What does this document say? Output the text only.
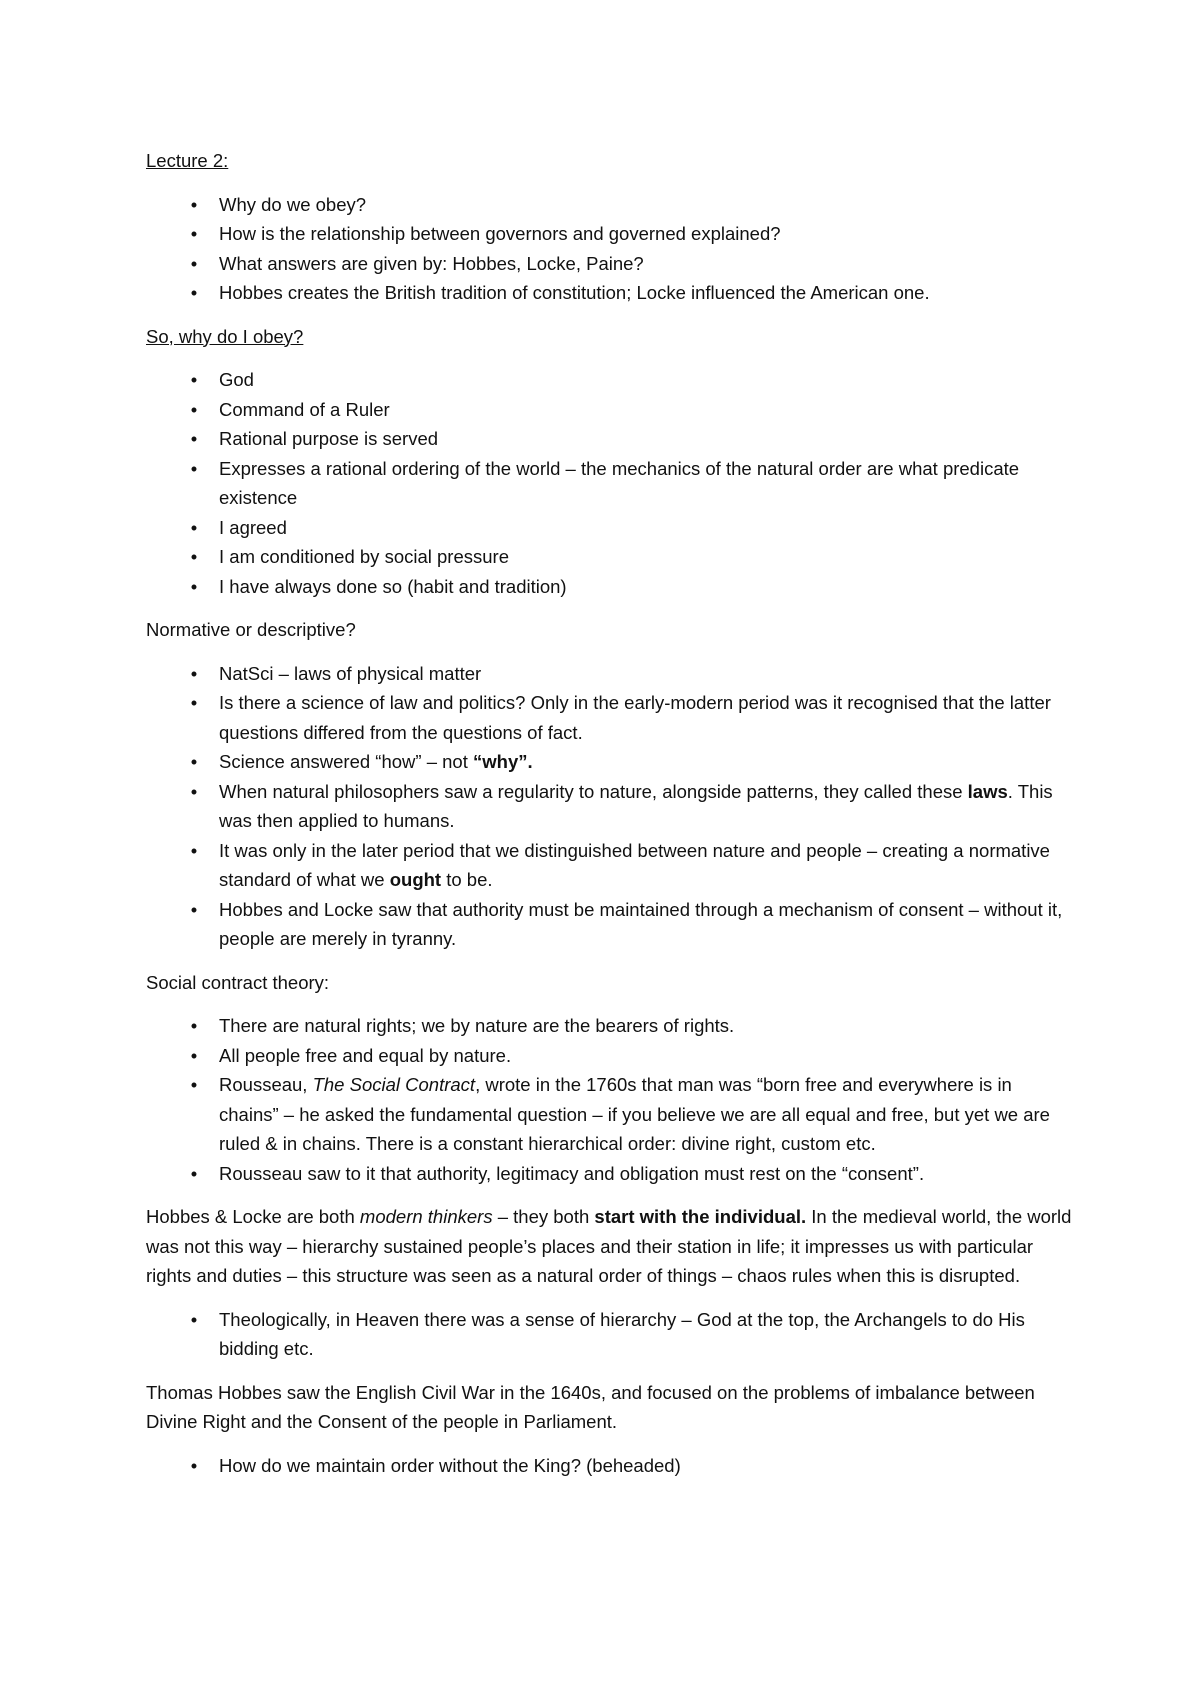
Lecture 2:
•	Why do we obey?
•	How is the relationship between governors and governed explained?
•	What answers are given by: Hobbes, Locke, Paine?
•	Hobbes creates the British tradition of constitution; Locke influenced the American one.
So, why do I obey?
•	God
•	Command of a Ruler
•	Rational purpose is served
•	Expresses a rational ordering of the world – the mechanics of the natural order are what predicate existence
•	I agreed
•	I am conditioned by social pressure
•	I have always done so (habit and tradition)
Normative or descriptive?
•	NatSci – laws of physical matter
•	Is there a science of law and politics? Only in the early-modern period was it recognised that the latter questions differed from the questions of fact.
•	Science answered “how” – not “why”.
•	When natural philosophers saw a regularity to nature, alongside patterns, they called these laws. This was then applied to humans.
•	It was only in the later period that we distinguished between nature and people – creating a normative standard of what we ought to be.
•	Hobbes and Locke saw that authority must be maintained through a mechanism of consent – without it, people are merely in tyranny.
Social contract theory:
•	There are natural rights; we by nature are the bearers of rights.
•	All people free and equal by nature.
•	Rousseau, The Social Contract, wrote in the 1760s that man was “born free and everywhere is in chains” – he asked the fundamental question – if you believe we are all equal and free, but yet we are ruled & in chains. There is a constant hierarchical order: divine right, custom etc.
•	Rousseau saw to it that authority, legitimacy and obligation must rest on the “consent”.

Hobbes & Locke are both modern thinkers – they both start with the individual. In the medieval world, the world was not this way – hierarchy sustained people’s places and their station in life; it impresses us with particular rights and duties – this structure was seen as a natural order of things – chaos rules when this is disrupted.

•	Theologically, in Heaven there was a sense of hierarchy – God at the top, the Archangels to do His bidding etc.

Thomas Hobbes saw the English Civil War in the 1640s, and focused on the problems of imbalance between Divine Right and the Consent of the people in Parliament.

•	How do we maintain order without the King? (beheaded)
